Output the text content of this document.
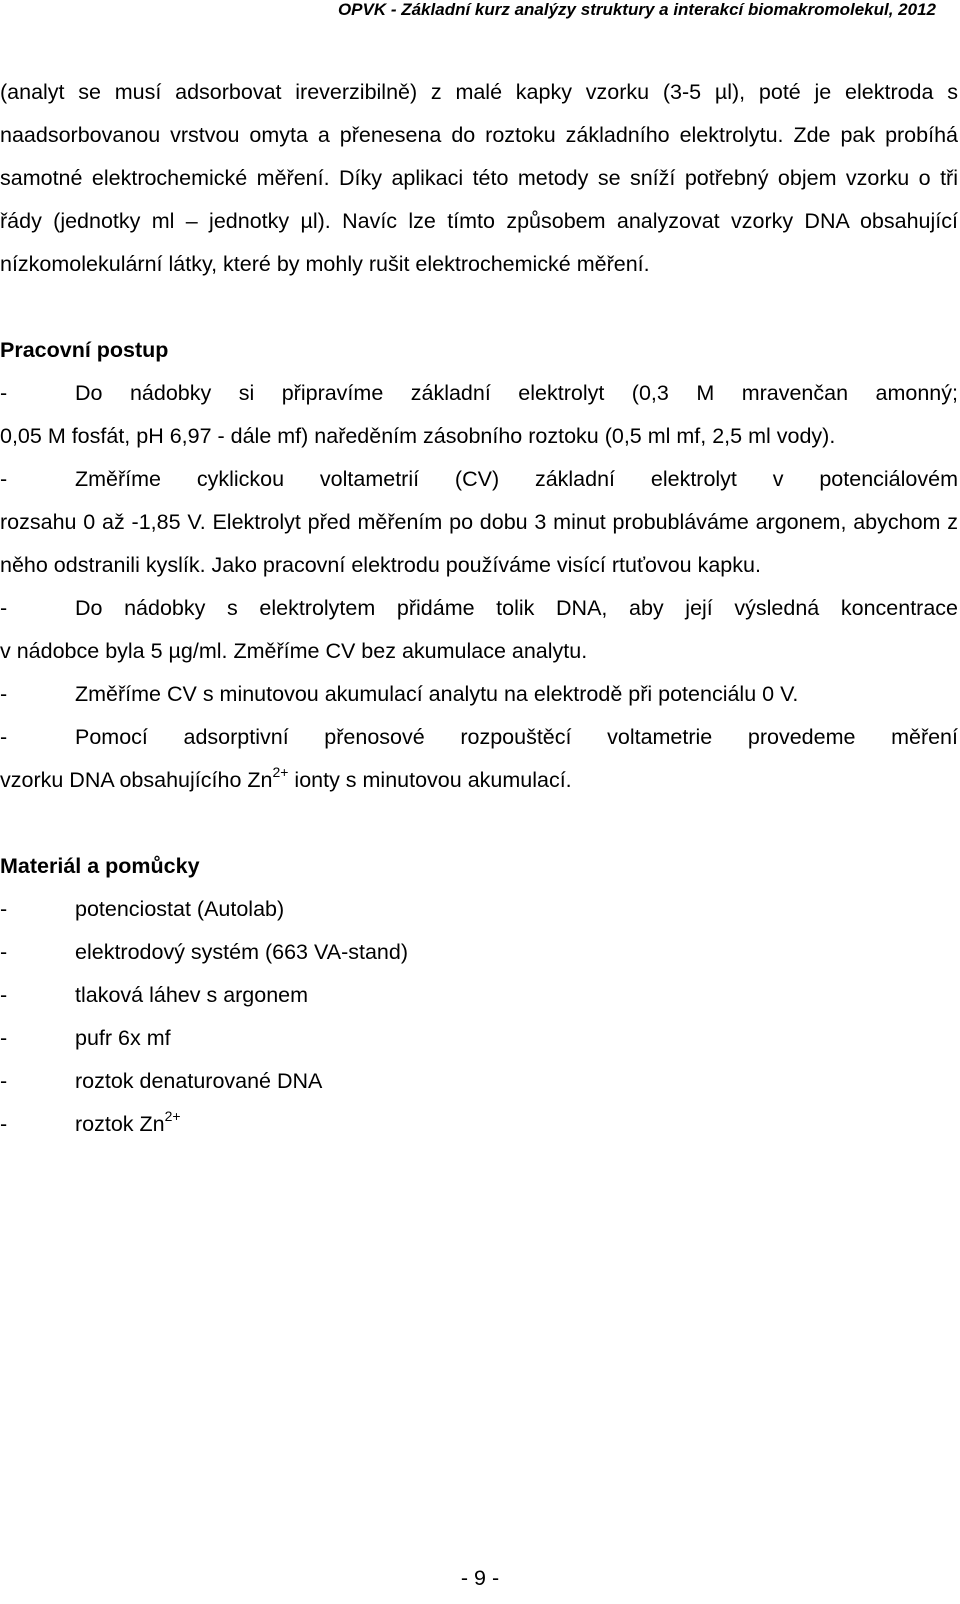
OPVK - Základní kurz analýzy struktury a interakcí biomakromolekul, 2012

(analyt se musí adsorbovat ireverzibilně) z malé kapky vzorku (3-5 µl), poté je elektroda s naadsorbovanou vrstvou omyta a přenesena do roztoku základního elektrolytu. Zde pak probíhá samotné elektrochemické měření. Díky aplikaci této metody se sníží potřebný objem vzorku o tři řády (jednotky ml – jednotky µl). Navíc lze tímto způsobem analyzovat vzorky DNA obsahující nízkomolekulární látky, které by mohly rušit elektrochemické měření.

Pracovní postup

-	Do nádobky si připravíme základní elektrolyt (0,3 M mravenčan amonný;

0,05 M fosfát, pH 6,97 - dále mf) naředěním zásobního roztoku (0,5 ml mf, 2,5 ml vody).

-	Změříme cyklickou voltametrií (CV) základní elektrolyt v potenciálovém

rozsahu 0 až -1,85 V. Elektrolyt před měřením po dobu 3 minut probubláváme argonem, abychom z něho odstranili kyslík. Jako pracovní elektrodu používáme visící rtuťovou kapku.

-	Do nádobky s elektrolytem přidáme tolik DNA, aby její výsledná koncentrace

v nádobce byla 5 µg/ml. Změříme CV bez akumulace analytu.

-	Změříme CV s minutovou akumulací analytu na elektrodě při potenciálu 0 V.
-	Pomocí adsorptivní přenosové rozpouštěcí voltametrie provedeme měření

vzorku DNA obsahujícího $Zn^{2+}$ ionty s minutovou akumulací.

Materiál a pomůcky

-	potenciostat (Autolab)
-	elektrodový systém (663 VA-stand)
-	tlaková láhev s argonem
-	pufr 6x mf
-	roztok denaturované DNA
-	roztok $Zn^{2+}$
- 9 -
